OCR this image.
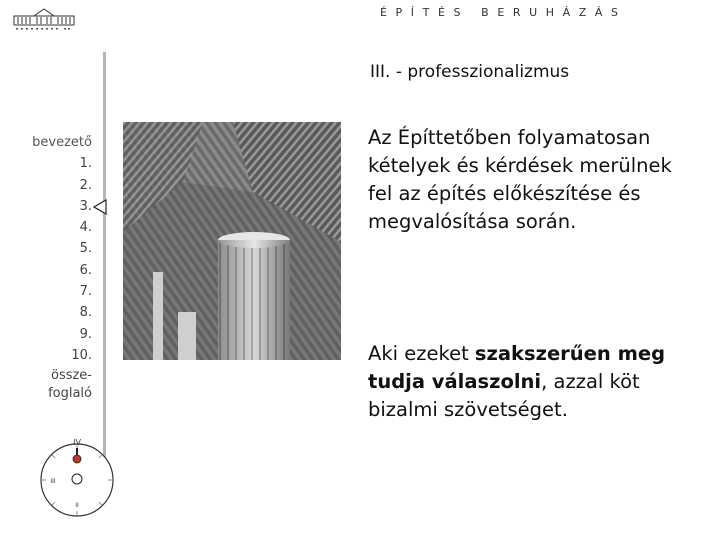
ÉPÍTÉS BERUHÁZÁS
bevezető
1.
2.
3.
4.
5.
6.
7.
8.
9.
10.
össze-
foglaló
III. - professzionalizmus

Az Építtetőben folyamatosan kételyek és kérdések merülnek fel az építés előkészítése és megvalósítása során.

Aki ezeket szakszerűen meg tudja válaszolni, azzal köt bizalmi szövetséget.

IV
III
II
